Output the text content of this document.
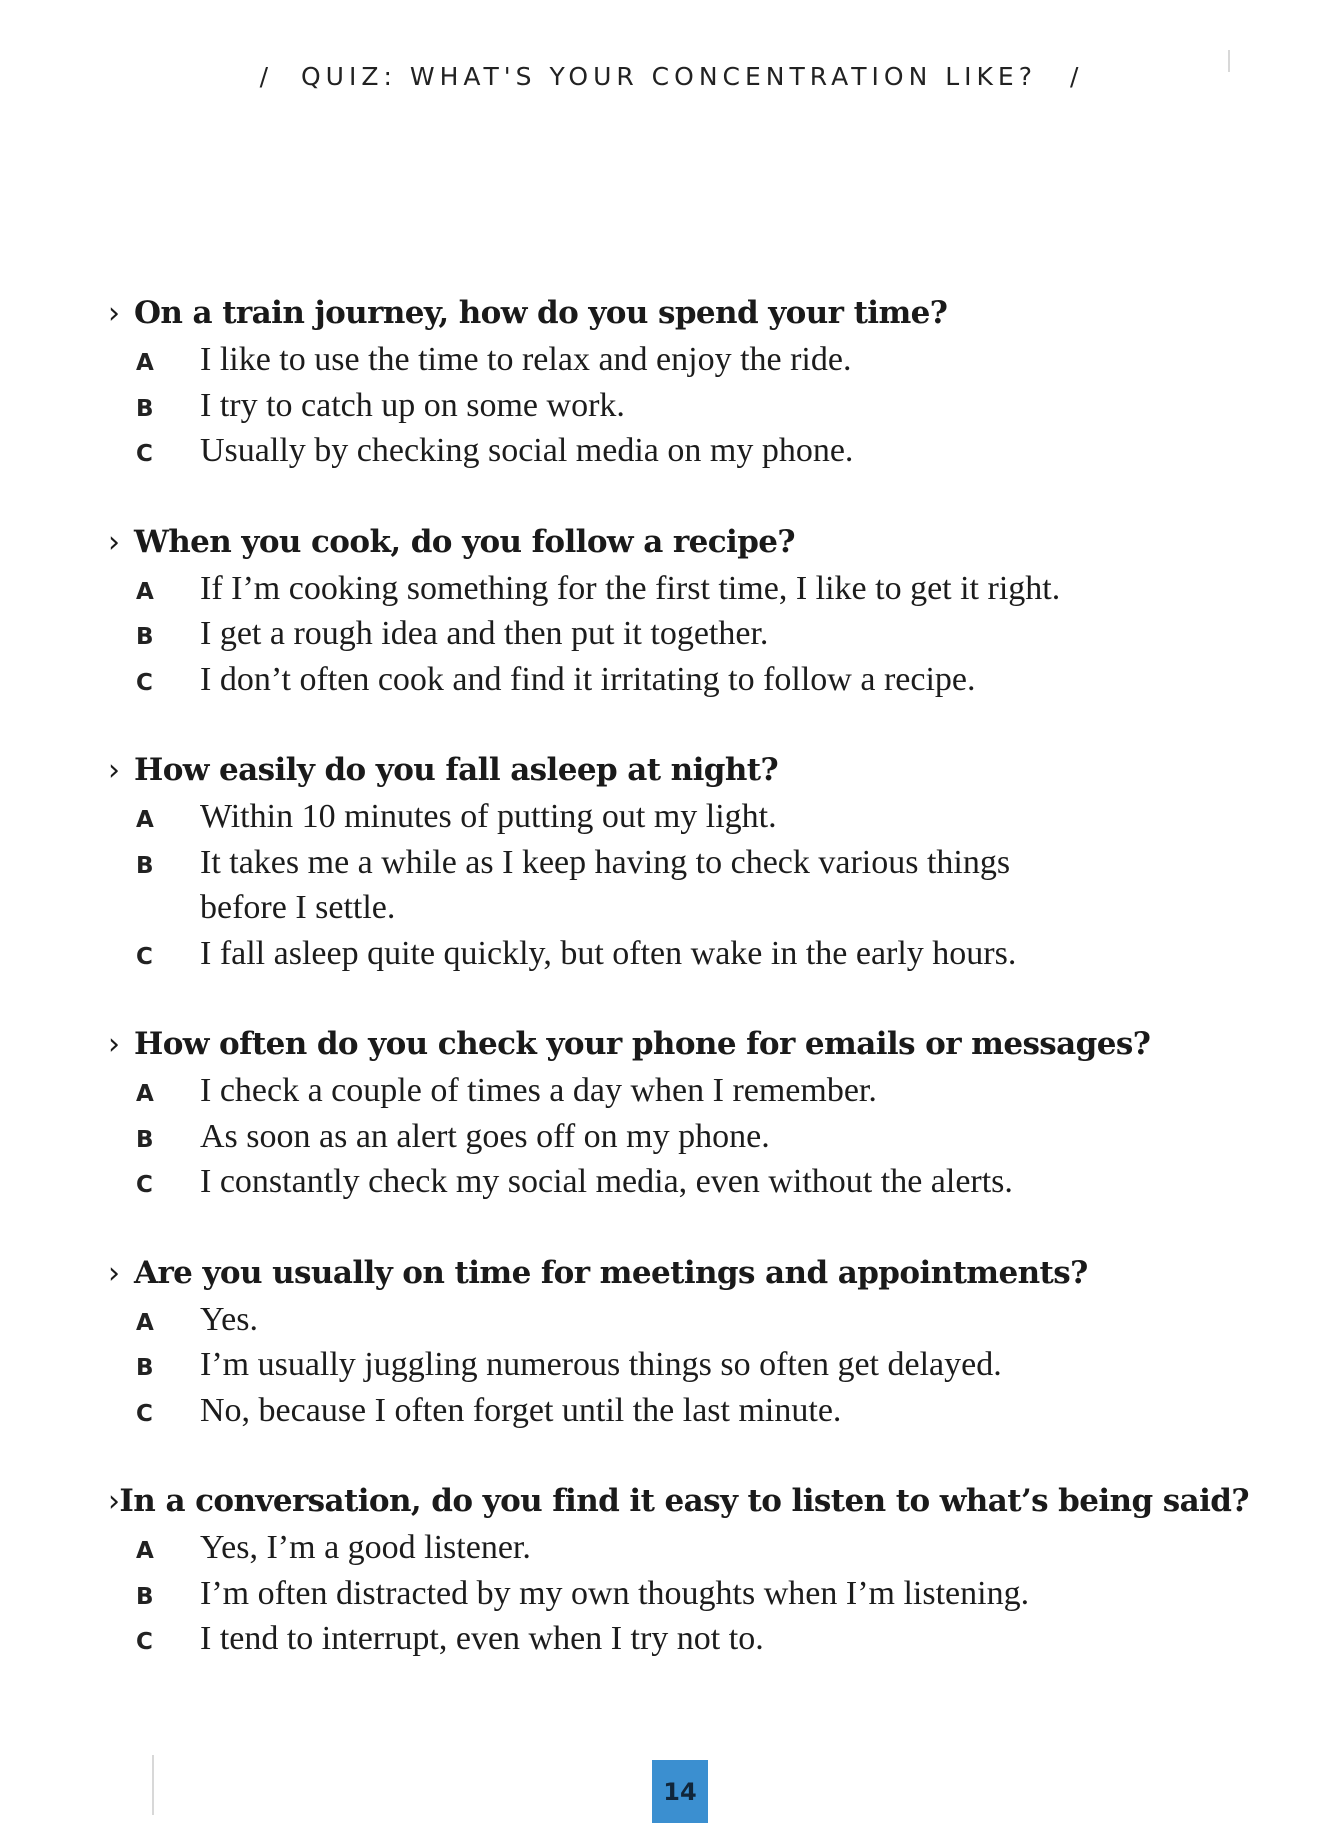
/ QUIZ: WHAT'S YOUR CONCENTRATION LIKE? /
› On a train journey, how do you spend your time?
A	I like to use the time to relax and enjoy the ride.
B	I try to catch up on some work.
C	Usually by checking social media on my phone.
› When you cook, do you follow a recipe?
A	If I’m cooking something for the first time, I like to get it right.
B	I get a rough idea and then put it together.
C	I don’t often cook and find it irritating to follow a recipe.
› How easily do you fall asleep at night?
A	Within 10 minutes of putting out my light.
B	It takes me a while as I keep having to check various things before I settle.
C	I fall asleep quite quickly, but often wake in the early hours.
› How often do you check your phone for emails or messages?
A	I check a couple of times a day when I remember.
B	As soon as an alert goes off on my phone.
C	I constantly check my social media, even without the alerts.
› Are you usually on time for meetings and appointments?
A	Yes.
B	I’m usually juggling numerous things so often get delayed.
C	No, because I often forget until the last minute.
› In a conversation, do you find it easy to listen to what’s being said?
A	Yes, I’m a good listener.
B	I’m often distracted by my own thoughts when I’m listening.
C	I tend to interrupt, even when I try not to.
14
